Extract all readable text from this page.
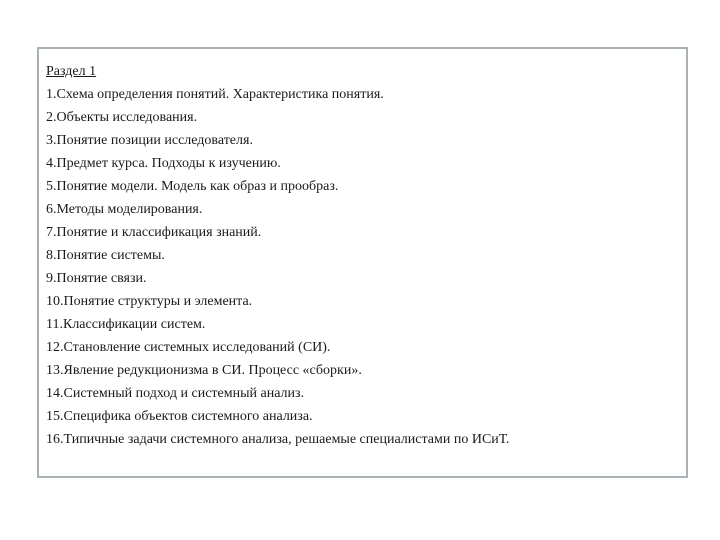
Раздел 1
1.Схема определения понятий. Характеристика понятия.
2.Объекты исследования.
3.Понятие позиции исследователя.
4.Предмет курса. Подходы к изучению.
5.Понятие модели. Модель как образ и прообраз.
6.Методы моделирования.
7.Понятие и классификация знаний.
8.Понятие системы.
9.Понятие связи.
10.Понятие структуры и элемента.
11.Классификации систем.
12.Становление системных исследований (СИ).
13.Явление редукционизма в СИ. Процесс «сборки».
14.Системный подход и системный анализ.
15.Специфика объектов системного анализа.
16.Типичные задачи системного анализа, решаемые специалистами по ИСиТ.
